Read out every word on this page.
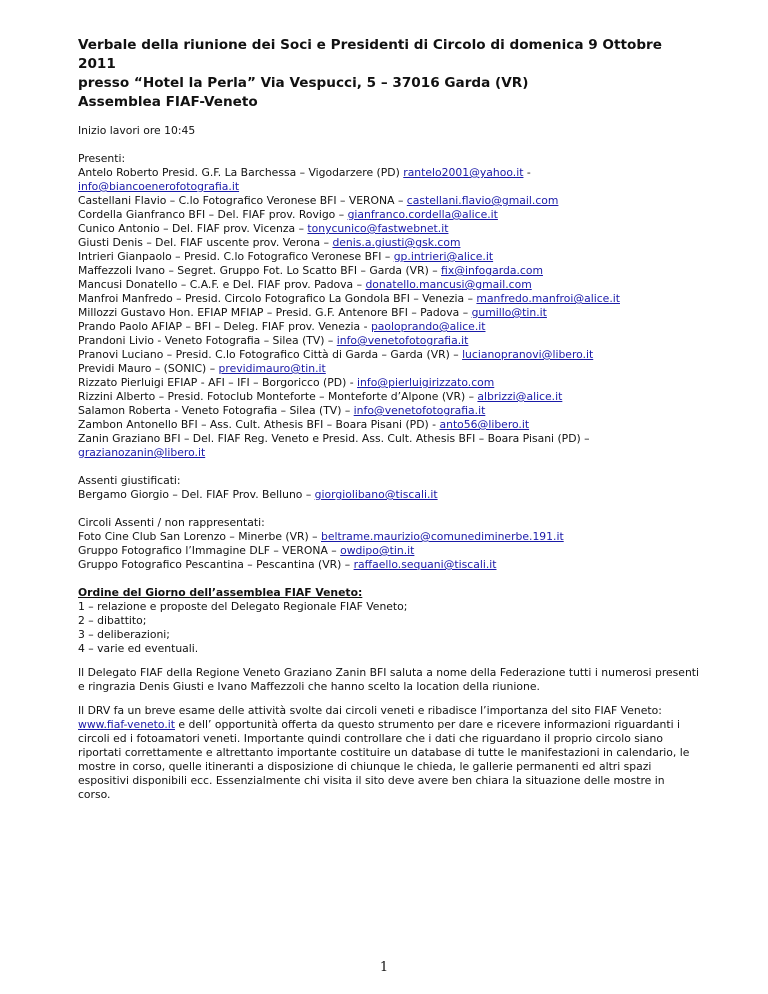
Verbale della riunione dei Soci e Presidenti di Circolo di domenica 9 Ottobre 2011

presso “Hotel la Perla” Via Vespucci, 5 – 37016 Garda (VR)

Assemblea FIAF-Veneto

Inizio lavori ore 10:45

Presenti:

Antelo Roberto Presid. G.F. La Barchessa – Vigodarzere (PD) rantelo2001@yahoo.it -

info@biancoenerofotografia.it

Castellani Flavio – C.lo Fotografico Veronese BFI – VERONA – castellani.flavio@gmail.com

Cordella Gianfranco BFI – Del. FIAF prov. Rovigo – gianfranco.cordella@alice.it

Cunico Antonio – Del. FIAF prov. Vicenza – tonycunico@fastwebnet.it

Giusti Denis – Del. FIAF uscente prov. Verona – denis.a.giusti@gsk.com

Intrieri Gianpaolo – Presid. C.lo Fotografico Veronese BFI – gp.intrieri@alice.it

Maffezzoli Ivano – Segret. Gruppo Fot. Lo Scatto BFI – Garda (VR) – fix@infogarda.com

Mancusi Donatello – C.A.F. e Del. FIAF prov. Padova – donatello.mancusi@gmail.com

Manfroi Manfredo – Presid. Circolo Fotografico La Gondola BFI – Venezia – manfredo.manfroi@alice.it

Millozzi Gustavo Hon. EFIAP MFIAP – Presid. G.F. Antenore BFI – Padova – gumillo@tin.it

Prando Paolo AFIAP – BFI – Deleg. FIAF prov. Venezia - paoloprando@alice.it

Prandoni Livio - Veneto Fotografia – Silea (TV) – info@venetofotografia.it

Pranovi Luciano – Presid. C.lo Fotografico Città di Garda – Garda (VR) – lucianopranovi@libero.it

Previdi Mauro – (SONIC) – previdimauro@tin.it

Rizzato Pierluigi EFIAP - AFI – IFI – Borgoricco (PD) - info@pierluigirizzato.com

Rizzini Alberto – Presid. Fotoclub Monteforte – Monteforte d’Alpone (VR) – albrizzi@alice.it

Salamon Roberta - Veneto Fotografia – Silea (TV) – info@venetofotografia.it

Zambon Antonello BFI – Ass. Cult. Athesis BFI – Boara Pisani (PD) - anto56@libero.it

Zanin Graziano BFI – Del. FIAF Reg. Veneto e Presid. Ass. Cult. Athesis BFI – Boara Pisani (PD) –

grazianozanin@libero.it

Assenti giustificati:

Bergamo Giorgio – Del. FIAF Prov. Belluno – giorgiolibano@tiscali.it

Circoli Assenti / non rappresentati:

Foto Cine Club San Lorenzo – Minerbe (VR) – beltrame.maurizio@comunediminerbe.191.it

Gruppo Fotografico l’Immagine DLF – VERONA – owdipo@tin.it

Gruppo Fotografico Pescantina – Pescantina (VR) – raffaello.sequani@tiscali.it

Ordine del Giorno dell’assemblea FIAF Veneto:

1 – relazione e proposte del Delegato Regionale FIAF Veneto;

2 – dibattito;

3 – deliberazioni;

4 – varie ed eventuali.

Il Delegato FIAF della Regione Veneto Graziano Zanin BFI saluta a nome della Federazione tutti i numerosi presenti e ringrazia Denis Giusti e Ivano Maffezzoli che hanno scelto la location della riunione.

Il DRV fa un breve esame delle attività svolte dai circoli veneti e ribadisce l’importanza del sito FIAF Veneto: www.fiaf-veneto.it e dell’ opportunità offerta da questo strumento per dare e ricevere informazioni riguardanti i circoli ed i fotoamatori veneti. Importante quindi controllare che i dati che riguardano il proprio circolo siano riportati correttamente e altrettanto importante costituire un database di tutte le manifestazioni in calendario, le mostre in corso, quelle itineranti a disposizione di chiunque le chieda, le gallerie permanenti ed altri spazi espositivi disponibili ecc. Essenzialmente chi visita il sito deve avere ben chiara la situazione delle mostre in corso.

1
